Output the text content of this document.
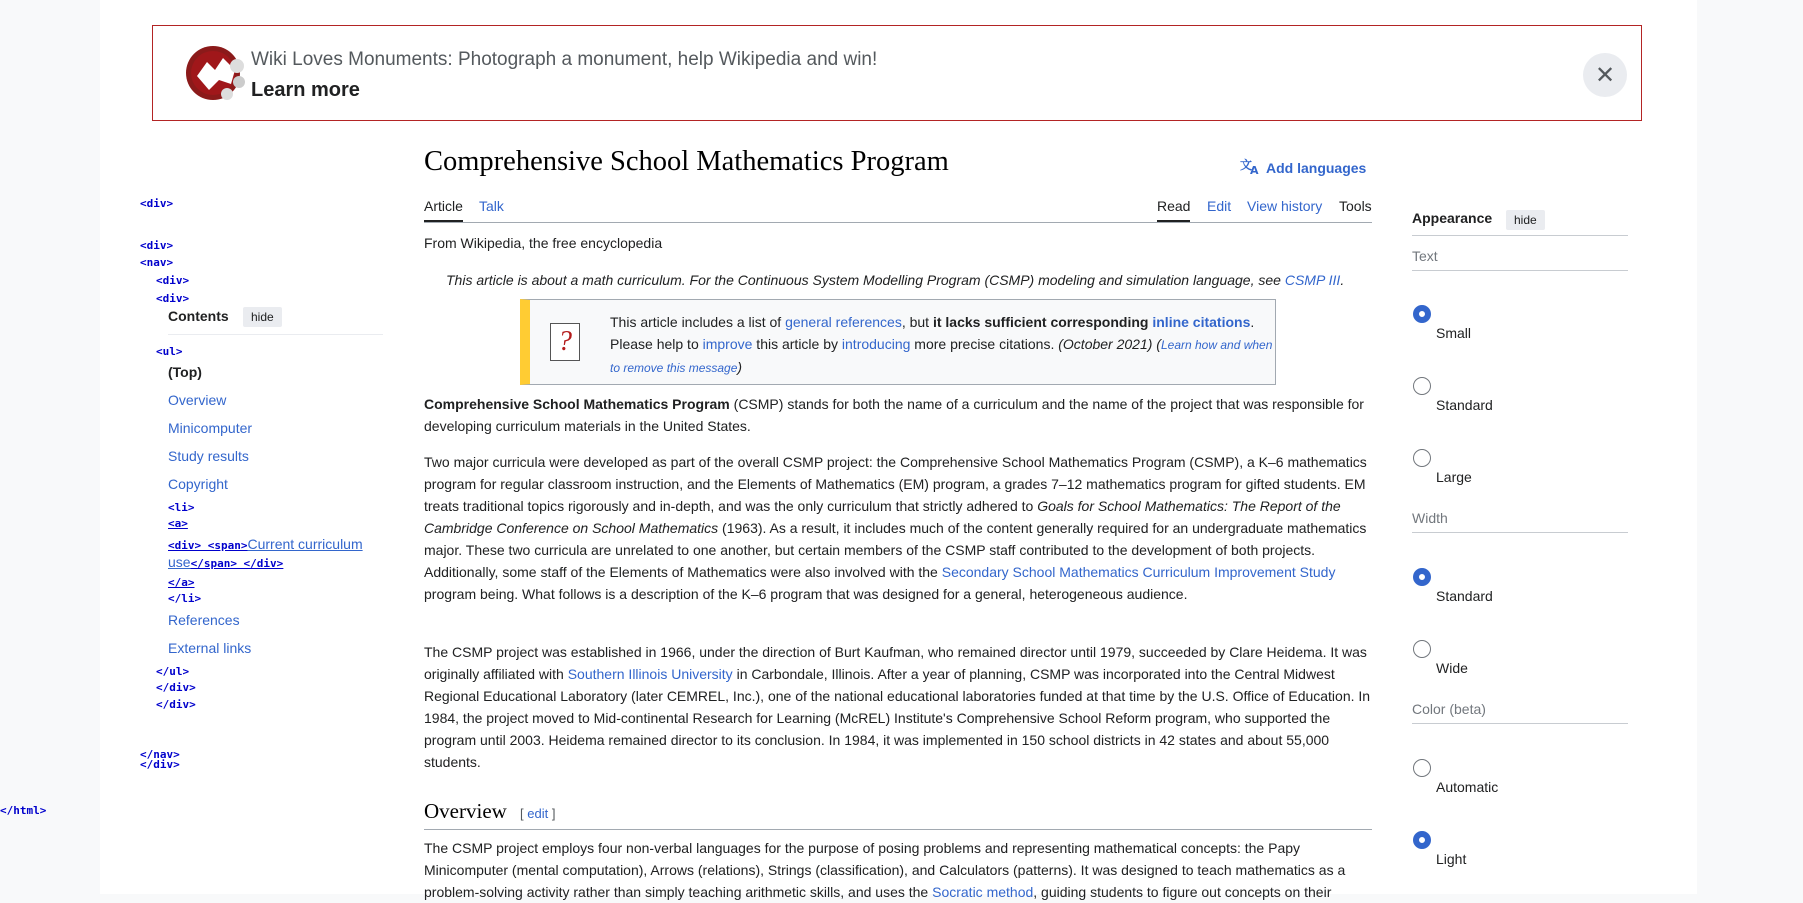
Wiki Loves Monuments: Photograph a monument, help Wikipedia and win!
Learn more
✕
<div>
<div>
<nav>
<div>
<div>
Contents	hide
<ul>
(Top)
Overview
Minicomputer
Study results
Copyright
<li>
<a>
<div> <span>Current curriculum use</span> </div>
</a>
</li>
References
External links
</ul>
</div>
</div>
</nav>
</div>
</html>
Comprehensive School Mathematics Program	文
A Add languages
Article Talk	Read Edit View history Tools
From Wikipedia, the free encyclopedia
This article is about a math curriculum. For the Continuous System Modelling Program (CSMP) modeling and simulation language, see CSMP III.
?
This article includes a list of general references, but it lacks sufficient corresponding inline citations. Please help to improve this article by introducing more precise citations. (October 2021) (Learn how and when to remove this message)
Comprehensive School Mathematics Program (CSMP) stands for both the name of a curriculum and the name of the project that was responsible for developing curriculum materials in the United States.
Two major curricula were developed as part of the overall CSMP project: the Comprehensive School Mathematics Program (CSMP), a K–6 mathematics program for regular classroom instruction, and the Elements of Mathematics (EM) program, a grades 7–12 mathematics program for gifted students. EM treats traditional topics rigorously and in-depth, and was the only curriculum that strictly adhered to Goals for School Mathematics: The Report of the Cambridge Conference on School Mathematics (1963). As a result, it includes much of the content generally required for an undergraduate mathematics major. These two curricula are unrelated to one another, but certain members of the CSMP staff contributed to the development of both projects. Additionally, some staff of the Elements of Mathematics were also involved with the Secondary School Mathematics Curriculum Improvement Study program being. What follows is a description of the K–6 program that was designed for a general, heterogeneous audience.
The CSMP project was established in 1966, under the direction of Burt Kaufman, who remained director until 1979, succeeded by Clare Heidema. It was originally affiliated with Southern Illinois University in Carbondale, Illinois. After a year of planning, CSMP was incorporated into the Central Midwest Regional Educational Laboratory (later CEMREL, Inc.), one of the national educational laboratories funded at that time by the U.S. Office of Education. In 1984, the project moved to Mid-continental Research for Learning (McREL) Institute's Comprehensive School Reform program, who supported the program until 2003. Heidema remained director to its conclusion. In 1984, it was implemented in 150 school districts in 42 states and about 55,000 students.
Overview [ edit ]
The CSMP project employs four non-verbal languages for the purpose of posing problems and representing mathematical concepts: the Papy Minicomputer (mental computation), Arrows (relations), Strings (classification), and Calculators (patterns). It was designed to teach mathematics as a problem-solving activity rather than simply teaching arithmetic skills, and uses the Socratic method, guiding students to figure out concepts on their
Appearance	hide
Text
Small
Standard
Large
Width
Standard
Wide
Color (beta)
Automatic
Light
